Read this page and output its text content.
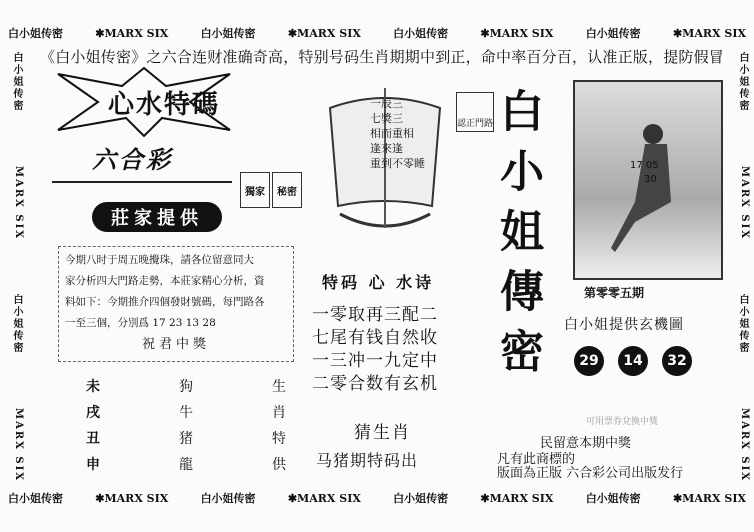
白小姐传密	✱MARX SIX	白小姐传密	✱MARX SIX	白小姐传密	✱MARX SIX	白小姐传密	✱MARX SIX
白小姐传密	✱MARX SIX	白小姐传密	✱MARX SIX	白小姐传密	✱MARX SIX	白小姐传密	✱MARX SIX
白小姐传密
MARX SIX
白小姐传密
MARX SIX
白小姐传密
MARX SIX
白小姐传密
MARX SIX
《白小姐传密》之六合连财准确奇高，特别号码生肖期期中到正，命中率百分百，认准正版，提防假冒
心水特碼
六合彩
獨家	秘密
莊家提供
今期八时于周五晚攪珠，請各位留意同大
家分析四大門路走勢，本莊家精心分析，資
料如下：今期推介四個發財號碼，每門路各
一至三個，分別爲 17 23 13 28
祝君中獎
未	狗	生
戌	牛	肖
丑	猪	特
申	龍	供
一辰三
七獎三
相而重相
逢來逢
重到不零睡
認正門路
特码 心 水诗
一零取再三配二
七尾有钱自然收
一三冲一九定中
二零合数有玄机
猜生肖
马猪期特码出
白小姐傳密	17 05
30
第零零五期
白小姐提供玄機圖
29	14	32
可用票券兌換中獎
民留意本期中獎
凡有此商標的
版面為正版 六合彩公司出版发行
